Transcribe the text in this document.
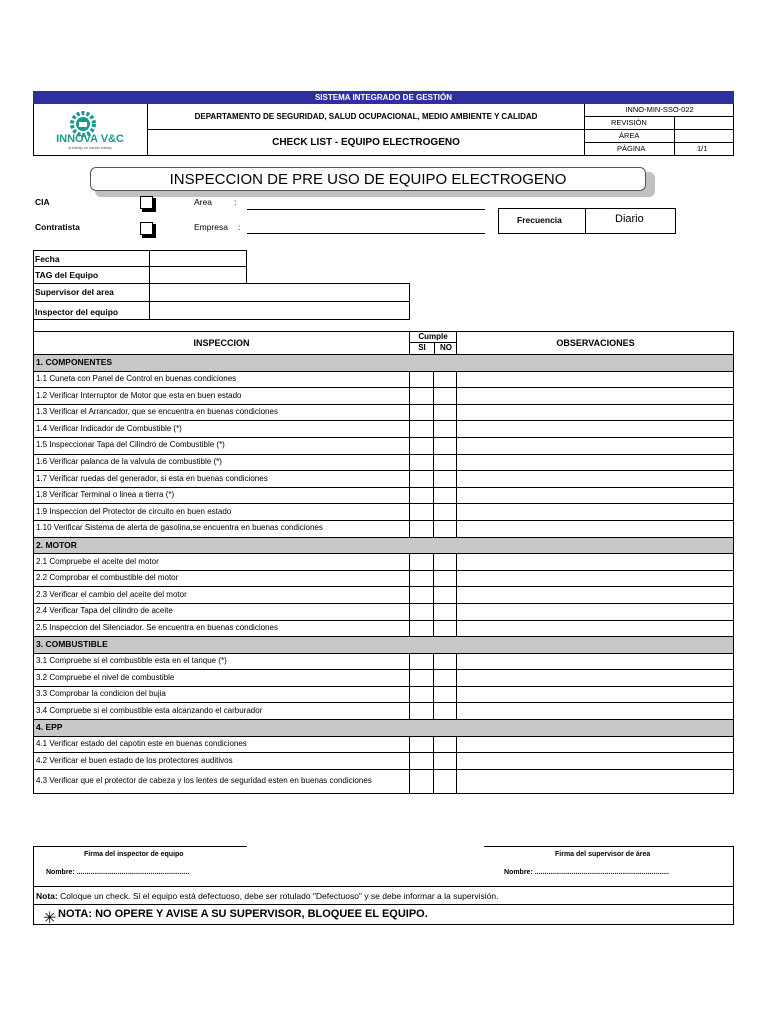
SISTEMA INTEGRADO DE GESTIÓN
INNOVA V&C
Al trabajo un cambio trabajo
DEPARTAMENTO DE SEGURIDAD, SALUD OCUPACIONAL, MEDIO AMBIENTE Y CALIDAD
CHECK LIST - EQUIPO ELECTROGENO
INNO-MIN-SSO-022
REVISIÓN
ÁREA
PÁGINA	1/1
INSPECCION DE PRE USO DE EQUIPO ELECTROGENO
CIA
Contratista
Area	:
Empresa :
Frecuencia	Diario
Fecha
TAG del Equipo
Supervisor del area
Inspector del equipo
INSPECCION
Cumple
SI	NO	OBSERVACIONES
1. COMPONENTES
1.1 Cuneta con Panel de Control en buenas condiciones
1.2 Verificar Interruptor de Motor que esta en buen estado
1.3 Verificar el Arrancador, que se encuentra en buenas condiciones
1.4 Verificar Indicador de Combustible (*)
1.5 Inspeccionar Tapa del Cilindro de Combustible (*)
1.6 Verificar palanca de la valvula de combustible (*)
1.7 Verificar ruedas del generador, si esta en buenas condiciones
1.8 Verificar Terminal o linea a tierra (*)
1.9 Inspeccion del Protector de circuito en buen estado
1.10 Verificar Sistema de alerta de gasolina,se encuentra en buenas condiciones
2. MOTOR
2.1 Compruebe el aceite del motor
2.2 Comprobar el combustible del motor
2.3 Verificar el cambio del aceite del motor
2.4 Verificar Tapa del cilindro de aceite
2.5 Inspeccion del Silenciador. Se encuentra en buenas condiciones
3. COMBUSTIBLE
3.1 Compruebe si el combustible esta en el tanque (*)
3.2 Compruebe el nivel de combustible
3.3 Comprobar la condicion del bujia
3.4 Compruebe si el combustible esta alcanzando el carburador
4. EPP
4.1 Verificar estado del capotin este en buenas condiciones
4.2 Verificar el buen estado de los protectores auditivos
4.3 Verificar que el protector de cabeza y los lentes de seguridad esten en buenas condiciones
Firma del inspector de equipo	Firma del supervisor de área
Nombre: ..........................................................	Nombre: .....................................................................
Nota: Coloque un check. Si el equipo está defectuoso, debe ser rotulado "Defectuoso" y se debe informar a la supervisión.
✳ NOTA: NO OPERE Y AVISE A SU SUPERVISOR, BLOQUEE EL EQUIPO.
